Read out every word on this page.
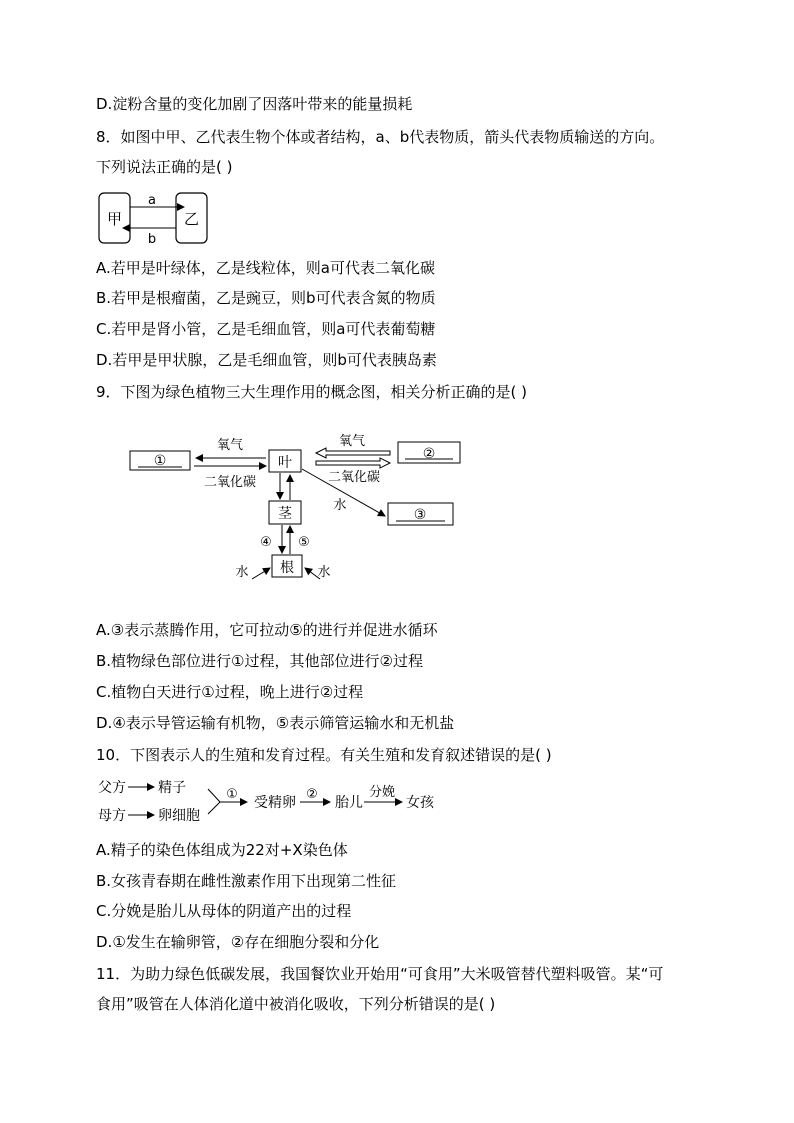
D.淀粉含量的变化加剧了因落叶带来的能量损耗
8．如图中甲、乙代表生物个体或者结构，a、b代表物质，箭头代表物质输送的方向。
下列说法正确的是( )
甲	乙
a
b
A.若甲是叶绿体，乙是线粒体，则a可代表二氧化碳
B.若甲是根瘤菌，乙是豌豆，则b可代表含氮的物质
C.若甲是肾小管，乙是毛细血管，则a可代表葡萄糖
D.若甲是甲状腺，乙是毛细血管，则b可代表胰岛素
9．下图为绿色植物三大生理作用的概念图，相关分析正确的是( )
①	②
③
叶
茎
根
氧气
二氧化碳
氧气
二氧化碳
水
④ ⑤
水	水
A.③表示蒸腾作用，它可拉动⑤的进行并促进水循环
B.植物绿色部位进行①过程，其他部位进行②过程
C.植物白天进行①过程，晚上进行②过程
D.④表示导管运输有机物，⑤表示筛管运输水和无机盐
10．下图表示人的生殖和发育过程。有关生殖和发育叙述错误的是( )
父方 精子
母方 卵细胞
①
受精卵
②
胎儿
分娩
女孩
A.精子的染色体组成为22对+X染色体
B.女孩青春期在雌性激素作用下出现第二性征
C.分娩是胎儿从母体的阴道产出的过程
D.①发生在输卵管，②存在细胞分裂和分化
11．为助力绿色低碳发展，我国餐饮业开始用“可食用”大米吸管替代塑料吸管。某“可
食用”吸管在人体消化道中被消化吸收，下列分析错误的是( )
